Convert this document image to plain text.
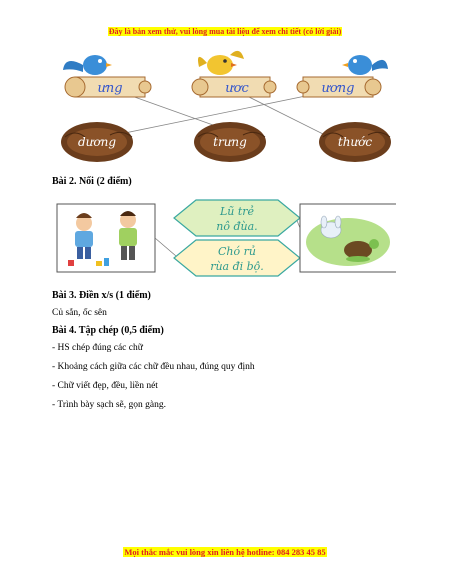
Đây là bản xem thử, vui lòng mua tài liệu để xem chi tiết (có lời giải)
ưng	ươc	ương
dương	trưng	thước
Bài 2. Nối (2 điểm)
Lũ trẻ
nô đùa.
Chó rủ
rùa đi bộ.
Bài 3. Điền x/s (1 điểm)
Củ sắn, ốc sên
Bài 4. Tập chép (0,5 điểm)
- HS chép đúng các chữ
- Khoảng cách giữa các chữ đều nhau, đúng quy định
- Chữ viết đẹp, đều, liền nét
- Trình bày sạch sẽ, gọn gàng.
Mọi thắc mắc vui lòng xin liên hệ hotline: 084 283 45 85
